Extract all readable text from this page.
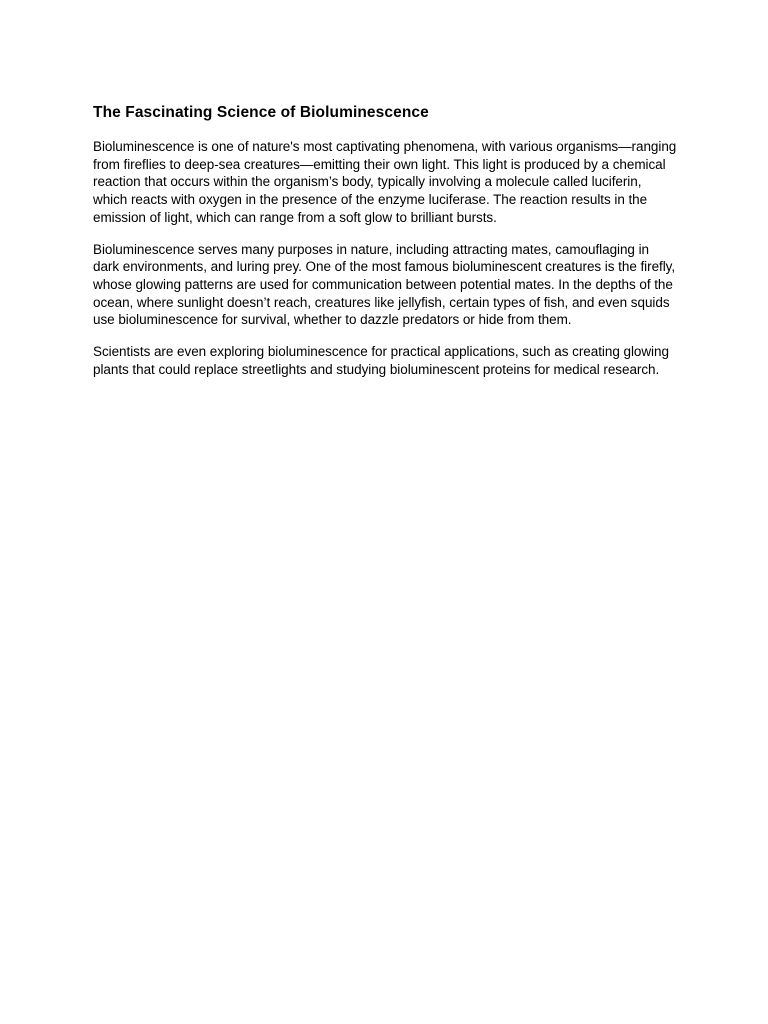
The Fascinating Science of Bioluminescence

Bioluminescence is one of nature's most captivating phenomena, with various organisms—ranging from fireflies to deep-sea creatures—emitting their own light. This light is produced by a chemical reaction that occurs within the organism’s body, typically involving a molecule called luciferin, which reacts with oxygen in the presence of the enzyme luciferase. The reaction results in the emission of light, which can range from a soft glow to brilliant bursts.

Bioluminescence serves many purposes in nature, including attracting mates, camouflaging in dark environments, and luring prey. One of the most famous bioluminescent creatures is the firefly, whose glowing patterns are used for communication between potential mates. In the depths of the ocean, where sunlight doesn’t reach, creatures like jellyfish, certain types of fish, and even squids use bioluminescence for survival, whether to dazzle predators or hide from them.

Scientists are even exploring bioluminescence for practical applications, such as creating glowing plants that could replace streetlights and studying bioluminescent proteins for medical research.
